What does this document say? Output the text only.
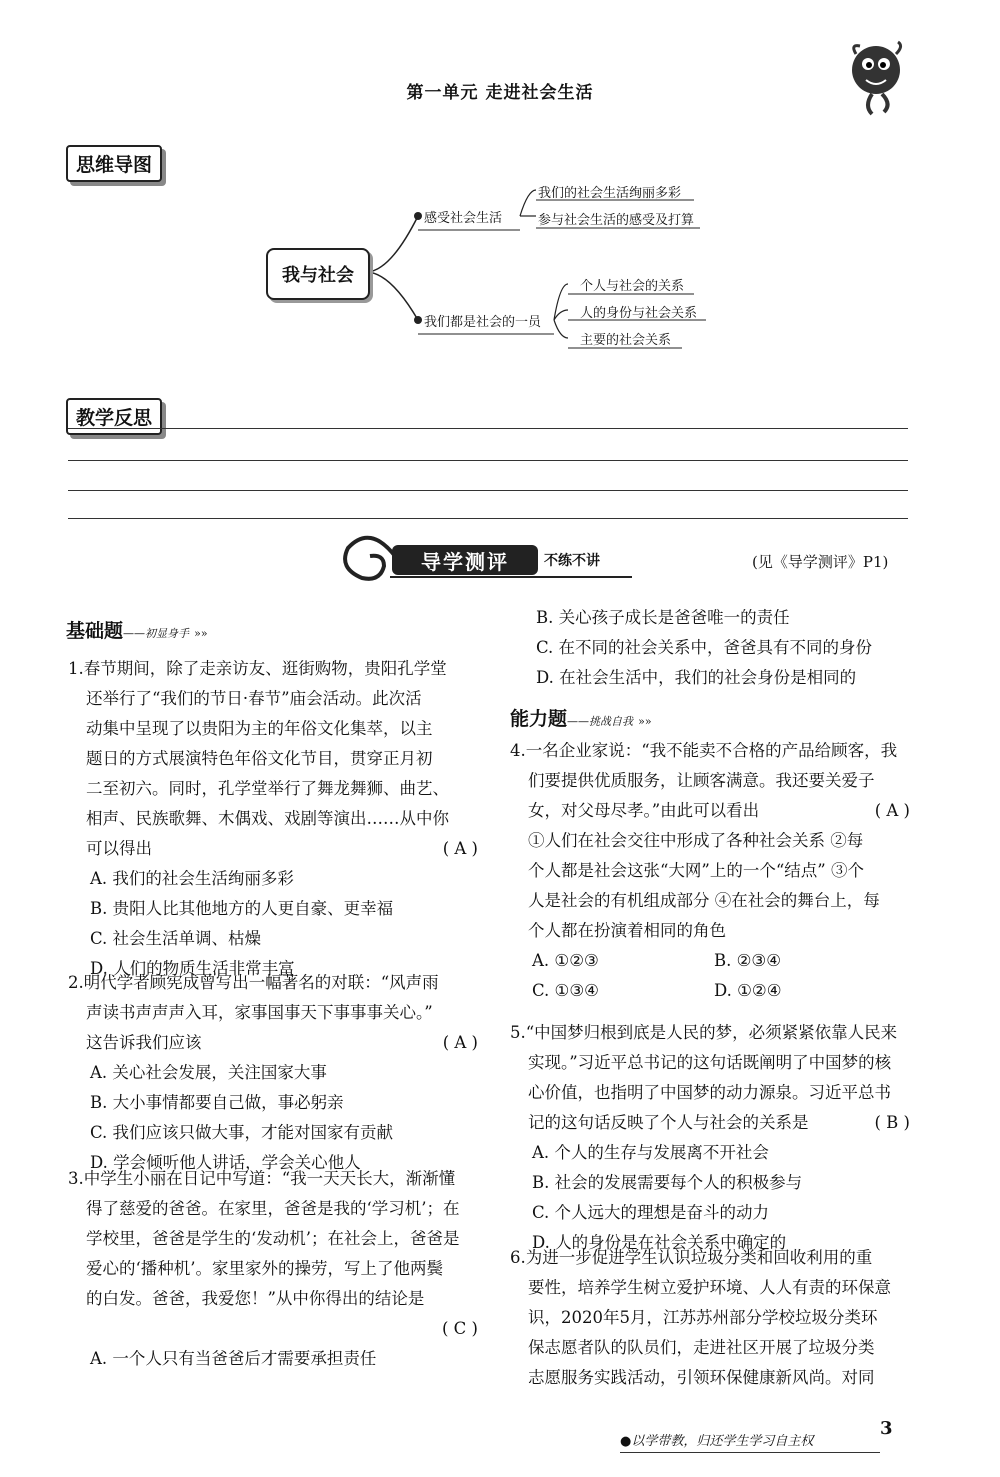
第一单元 走进社会生活
思维导图
我与社会
感受社会生活
我们的社会生活绚丽多彩
参与社会生活的感受及打算
我们都是社会的一员
个人与社会的关系
人的身份与社会关系
主要的社会关系
教学反思
导学测评	不练不讲	(见《导学测评》P1)
基础题——初显身手 »»
1.春节期间，除了走亲访友、逛街购物，贵阳孔学堂
还举行了“我们的节日·春节”庙会活动。此次活
动集中呈现了以贵阳为主的年俗文化集萃，以主
题日的方式展演特色年俗文化节目，贯穿正月初
二至初六。同时，孔学堂举行了舞龙舞狮、曲艺、
相声、民族歌舞、木偶戏、戏剧等演出……从中你
可以得出	( A )
A. 我们的社会生活绚丽多彩
B. 贵阳人比其他地方的人更自豪、更幸福
C. 社会生活单调、枯燥
D. 人们的物质生活非常丰富
2.明代学者顾宪成曾写出一幅著名的对联：“风声雨
声读书声声声入耳，家事国事天下事事事关心。”
这告诉我们应该	( A )
A. 关心社会发展，关注国家大事
B. 大小事情都要自己做，事必躬亲
C. 我们应该只做大事，才能对国家有贡献
D. 学会倾听他人讲话，学会关心他人
3.中学生小丽在日记中写道：“我一天天长大，渐渐懂
得了慈爱的爸爸。在家里，爸爸是我的‘学习机’；在
学校里，爸爸是学生的‘发动机’；在社会上，爸爸是
爱心的‘播种机’。家里家外的操劳，写上了他两鬓
的白发。爸爸，我爱您！”从中你得出的结论是
( C )
A. 一个人只有当爸爸后才需要承担责任
B. 关心孩子成长是爸爸唯一的责任
C. 在不同的社会关系中，爸爸具有不同的身份
D. 在社会生活中，我们的社会身份是相同的
能力题——挑战自我 »»
4.一名企业家说：“我不能卖不合格的产品给顾客，我
们要提供优质服务，让顾客满意。我还要关爱子
女，对父母尽孝。”由此可以看出	( A )
①人们在社会交往中形成了各种社会关系 ②每
个人都是社会这张“大网”上的一个“结点” ③个
人是社会的有机组成部分 ④在社会的舞台上，每
个人都在扮演着相同的角色
A. ①②③	B. ②③④
C. ①③④	D. ①②④
5.“中国梦归根到底是人民的梦，必须紧紧依靠人民来
实现。”习近平总书记的这句话既阐明了中国梦的核
心价值，也指明了中国梦的动力源泉。习近平总书
记的这句话反映了个人与社会的关系是	( B )
A. 个人的生存与发展离不开社会
B. 社会的发展需要每个人的积极参与
C. 个人远大的理想是奋斗的动力
D. 人的身份是在社会关系中确定的
6.为进一步促进学生认识垃圾分类和回收利用的重
要性，培养学生树立爱护环境、人人有责的环保意
识，2020年5月，江苏苏州部分学校垃圾分类环
保志愿者队的队员们，走进社区开展了垃圾分类
志愿服务实践活动，引领环保健康新风尚。对同
●以学带教，归还学生学习自主权
3
